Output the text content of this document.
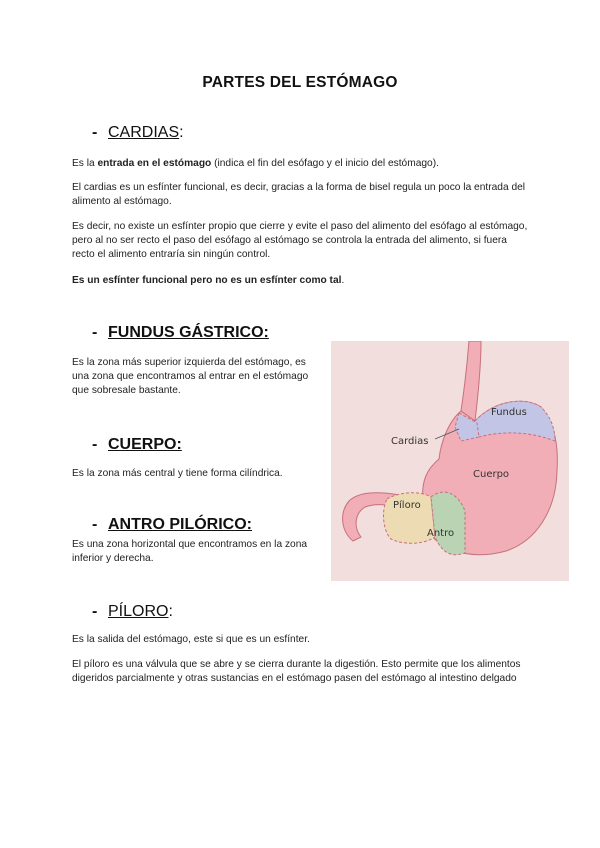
PARTES DEL ESTÓMAGO
- CARDIAS:
Es la entrada en el estómago (indica el fin del esófago y el inicio del estómago).
El cardias es un esfínter funcional, es decir, gracias a la forma de bisel regula un poco la entrada del alimento al estómago.
Es decir, no existe un esfínter propio que cierre y evite el paso del alimento del esófago al estómago, pero al no ser recto el paso del esófago al estómago se controla la entrada del alimento, si fuera recto el alimento entraría sin ningún control.
Es un esfínter funcional pero no es un esfínter como tal.
- FUNDUS GÁSTRICO:
Es la zona más superior izquierda del estómago, es una zona que encontramos al entrar en el estómago que sobresale bastante.
- CUERPO:
Es la zona más central y tiene forma cilíndrica.
- ANTRO PILÓRICO:
Es una zona horizontal que encontramos en la zona inferior y derecha.
- PÍLORO:
Es la salida del estómago, este si que es un esfínter.
El píloro es una válvula que se abre y se cierra durante la digestión. Esto permite que los alimentos digeridos parcialmente y otras sustancias en el estómago pasen del estómago al intestino delgado
Fundus
Cardias
Cuerpo
Píloro
Antro
